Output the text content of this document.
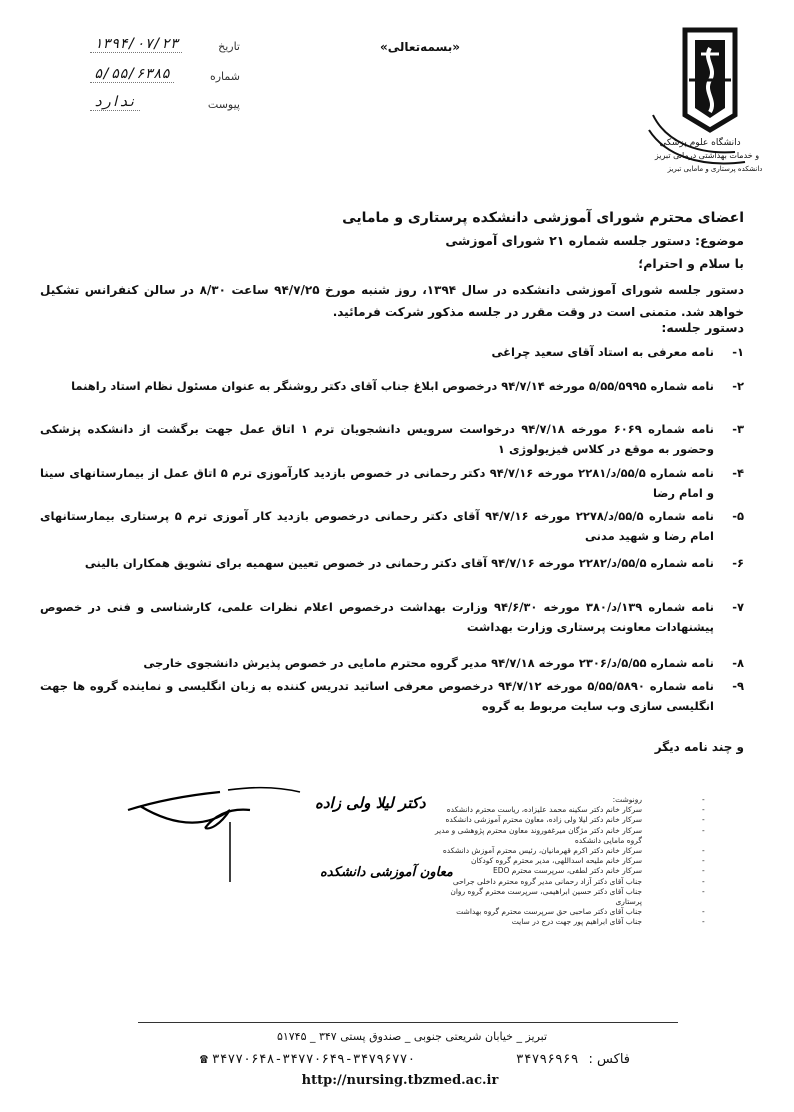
«بسمه‌تعالی»
دانشگاه علوم پزشکی
و خدمات بهداشتی درمانی تبریز
دانشکده پرستاری و مامایی تبریز
تاریخ
۱۳۹۴/۰۷/۲۳
شماره
۵/۵۵/۶۳۸۵
پیوست
ندارد
اعضای محترم شورای آموزشی دانشکده پرستاری و مامایی
موضوع: دستور جلسه شماره ۲۱ شورای آموزشی
با سلام و احترام؛
دستور جلسه شورای آموزشی دانشکده در سال ۱۳۹۴، روز شنبه مورخ ۹۴/۷/۲۵ ساعت ۸/۳۰ در سالن کنفرانس تشکیل خواهد شد. متمنی است در وقت مقرر در جلسه مذکور شرکت فرمائید.
دستور جلسه:
۱-
نامه معرفی به استاد آقای سعید چراغی
۲-
نامه شماره ۵/۵۵/۵۹۹۵ مورخه ۹۴/۷/۱۴ درخصوص ابلاغ جناب آقای دکتر روشنگر به عنوان مسئول نظام استاد راهنما
۳-
نامه شماره ۶۰۶۹ مورخه ۹۴/۷/۱۸ درخواست سرویس دانشجویان ترم ۱ اتاق عمل جهت برگشت از دانشکده پزشکی وحضور به موقع در کلاس فیزیولوژی ۱
۴-
نامه شماره ۵۵/۵/د/۲۲۸۱ مورخه ۹۴/۷/۱۶ دکتر رحمانی در خصوص بازدید کارآموزی ترم ۵ اتاق عمل از بیمارستانهای سینا و امام رضا
۵-
نامه شماره ۵۵/۵/د/۲۲۷۸ مورخه ۹۴/۷/۱۶ آقای دکتر رحمانی درخصوص بازدید کار آموزی ترم ۵ پرستاری بیمارستانهای امام رضا و شهید مدنی
۶-
نامه شماره ۵۵/۵/د/۲۲۸۲ مورخه ۹۴/۷/۱۶ آقای دکتر رحمانی در خصوص تعیین سهمیه برای تشویق همکاران بالینی
۷-
نامه شماره ۱۳۹/د/۳۸۰ مورخه ۹۴/۶/۳۰ وزارت بهداشت درخصوص اعلام نظرات علمی، کارشناسی و فنی در خصوص پیشنهادات معاونت پرستاری وزارت بهداشت
۸-
نامه شماره ۵/۵۵/د/۲۳۰۶ مورخه ۹۴/۷/۱۸ مدیر گروه محترم مامایی در خصوص پذیرش دانشجوی خارجی
۹-
نامه شماره ۵/۵۵/۵۸۹۰ مورخه ۹۴/۷/۱۲ درخصوص معرفی اساتید تدریس کننده به زبان انگلیسی و نماینده گروه ها جهت انگلیسی سازی وب سایت مربوط به گروه
و چند نامه دیگر
دکتر لیلا ولی زاده
معاون آموزشی دانشکده
-
رونوشت:
-
سرکار خانم دکتر سکینه محمد علیزاده، ریاست محترم دانشکده
-
سرکار خانم دکتر لیلا ولی زاده، معاون محترم آموزشی دانشکده
-
سرکار خانم دکتر مژگان میرغفوروند معاون محترم پژوهشی و مدیر گروه مامایی دانشکده
-
سرکار خانم دکتر اکرم قهرمانیان، رئیس محترم آموزش دانشکده
-
سرکار خانم ملیحه اسداللهی، مدیر محترم گروه کودکان
-
سرکار خانم دکتر لطفی، سرپرست محترم EDO
-
جناب آقای دکتر آزاد رحمانی مدیر گروه محترم داخلی جراحی
-
جناب آقای دکتر حسین ابراهیمی، سرپرست محترم گروه روان پرستاری
-
جناب آقای دکتر صاحبی حق سرپرست محترم گروه بهداشت
-
جناب آقای ابراهیم پور جهت درج در سایت
تبریز _ خیابان شریعتی جنوبی _ صندوق پستی ۳۴۷ _ ۵۱۷۴۵
☎ ۳۴۷۷۰۶۴۸-۳۴۷۷۰۶۴۹-۳۴۷۹۶۷۷۰	۳۴۷۹۶۹۶۹ فاکس :
http://nursing.tbzmed.ac.ir
